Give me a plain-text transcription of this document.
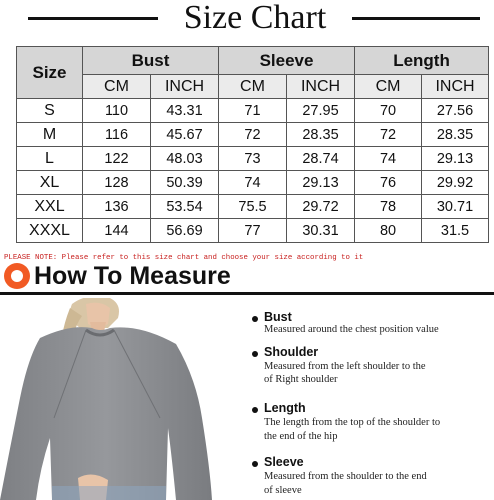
Size Chart
Size	Bust		Sleeve		Length	
	CM	INCH	CM	INCH	CM	INCH
S	110	43.31	71	27.95	70	27.56
M	116	45.67	72	28.35	72	28.35
L	122	48.03	73	28.74	74	29.13
XL	128	50.39	74	29.13	76	29.92
XXL	136	53.54	75.5	29.72	78	30.71
XXXL	144	56.69	77	30.31	80	31.5
PLEASE NOTE: Please refer to this size chart and choose your size according to it
How To Measure
Bust
Measured around the chest position value
Shoulder
Measured from the left shoulder to the
of Right shoulder
Length
The length from the top of the shoulder to
the end of the hip
Sleeve
Measured from the shoulder to the end
of sleeve
